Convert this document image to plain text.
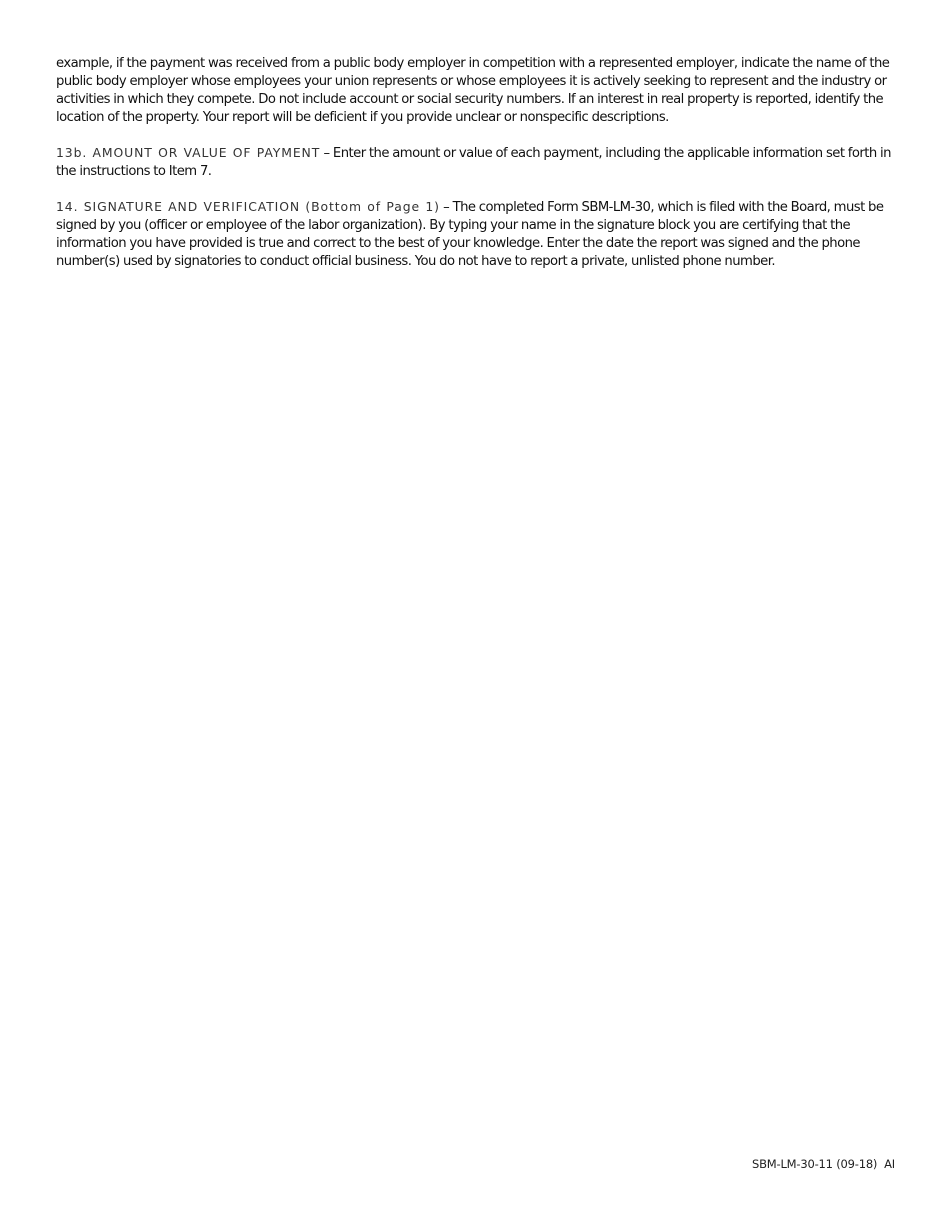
example, if the payment was received from a public body employer in competition with a represented employer, indicate the name of the public body employer whose employees your union represents or whose employees it is actively seeking to represent and the industry or activities in which they compete. Do not include account or social security numbers. If an interest in real property is reported, identify the location of the property. Your report will be deficient if you provide unclear or nonspecific descriptions.

13b. AMOUNT OR VALUE OF PAYMENT – Enter the amount or value of each payment, including the applicable information set forth in the instructions to Item 7.

14. SIGNATURE AND VERIFICATION (Bottom of Page 1) – The completed Form SBM-LM-30, which is filed with the Board, must be signed by you (officer or employee of the labor organization). By typing your name in the signature block you are certifying that the information you have provided is true and correct to the best of your knowledge. Enter the date the report was signed and the phone number(s) used by signatories to conduct official business. You do not have to report a private, unlisted phone number.

SBM-LM-30-11 (09-18)  AI
